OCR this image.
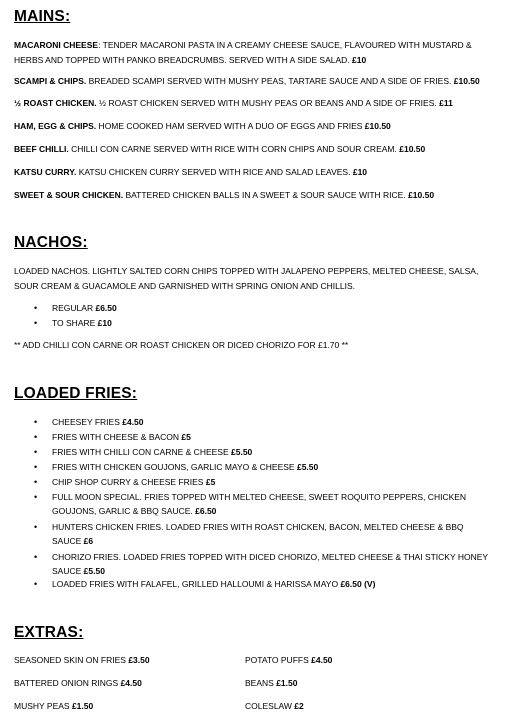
MAINS:
MACARONI CHEESE: TENDER MACARONI PASTA IN A CREAMY CHEESE SAUCE, FLAVOURED WITH MUSTARD &
HERBS AND TOPPED WITH PANKO BREADCRUMBS. SERVED WITH A SIDE SALAD. £10
SCAMPI & CHIPS. BREADED SCAMPI SERVED WITH MUSHY PEAS, TARTARE SAUCE AND A SIDE OF FRIES. £10.50
½ ROAST CHICKEN. ½ ROAST CHICKEN SERVED WITH MUSHY PEAS OR BEANS AND A SIDE OF FRIES. £11
HAM, EGG & CHIPS. HOME COOKED HAM SERVED WITH A DUO OF EGGS AND FRIES £10.50
BEEF CHILLI. CHILLI CON CARNE SERVED WITH RICE WITH CORN CHIPS AND SOUR CREAM. £10.50
KATSU CURRY. KATSU CHICKEN CURRY SERVED WITH RICE AND SALAD LEAVES. £10
SWEET & SOUR CHICKEN. BATTERED CHICKEN BALLS IN A SWEET & SOUR SAUCE WITH RICE. £10.50
NACHOS:
LOADED NACHOS. LIGHTLY SALTED CORN CHIPS TOPPED WITH JALAPENO PEPPERS, MELTED CHEESE, SALSA,
SOUR CREAM & GUACAMOLE AND GARNISHED WITH SPRING ONION AND CHILLIS.
• REGULAR £6.50
• TO SHARE £10
** ADD CHILLI CON CARNE OR ROAST CHICKEN OR DICED CHORIZO FOR £1.70 **
LOADED FRIES:
• CHEESEY FRIES £4.50
• FRIES WITH CHEESE & BACON £5
• FRIES WITH CHILLI CON CARNE & CHEESE £5.50
• FRIES WITH CHICKEN GOUJONS, GARLIC MAYO & CHEESE £5.50
• CHIP SHOP CURRY & CHEESE FRIES £5
• FULL MOON SPECIAL. FRIES TOPPED WITH MELTED CHEESE, SWEET ROQUITO PEPPERS, CHICKEN
GOUJONS, GARLIC & BBQ SAUCE. £6.50
• HUNTERS CHICKEN FRIES. LOADED FRIES WITH ROAST CHICKEN, BACON, MELTED CHEESE & BBQ
SAUCE £6
• CHORIZO FRIES. LOADED FRIES TOPPED WITH DICED CHORIZO, MELTED CHEESE & THAI STICKY HONEY
SAUCE £5.50
• LOADED FRIES WITH FALAFEL, GRILLED HALLOUMI & HARISSA MAYO £6.50 (V)
EXTRAS:
SEASONED SKIN ON FRIES £3.50	POTATO PUFFS £4.50
BATTERED ONION RINGS £4.50	BEANS £1.50
MUSHY PEAS £1.50	COLESLAW £2
